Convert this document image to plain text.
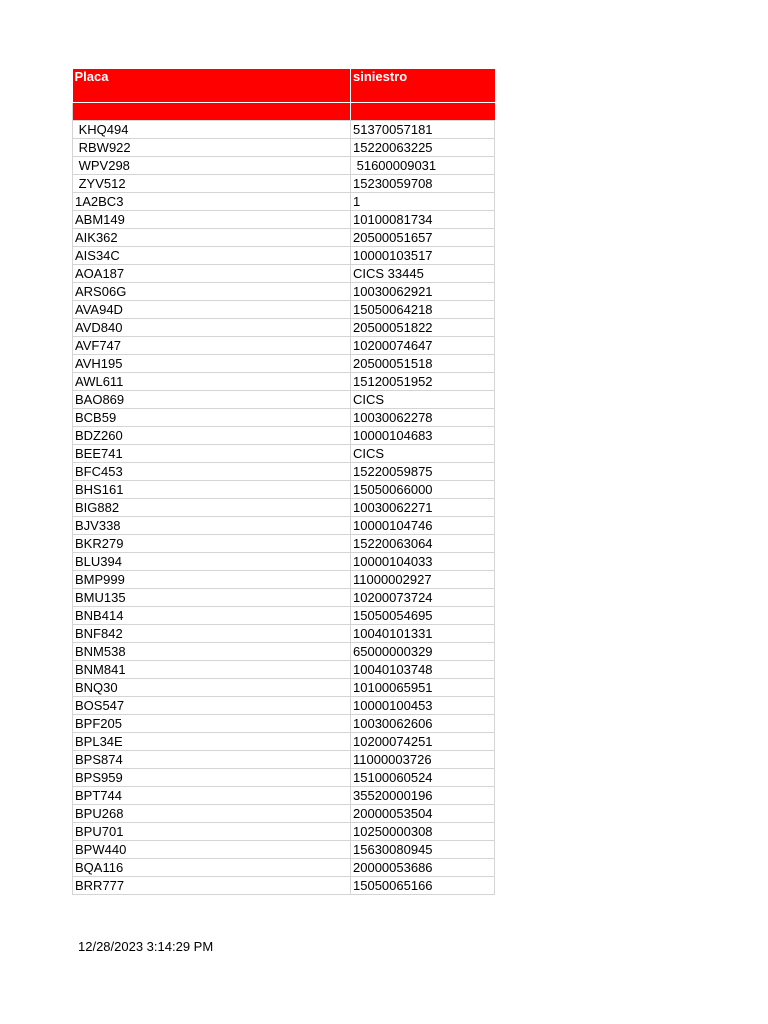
Placa	siniestro

KHQ494	51370057181
RBW922	15220063225
WPV298	51600009031
ZYV512	15230059708
1A2BC3	1
ABM149	10100081734
AIK362	20500051657
AIS34C	10000103517
AOA187	CICS 33445
ARS06G	10030062921
AVA94D	15050064218
AVD840	20500051822
AVF747	10200074647
AVH195	20500051518
AWL611	15120051952
BAO869	CICS
BCB59	10030062278
BDZ260	10000104683
BEE741	CICS
BFC453	15220059875
BHS161	15050066000
BIG882	10030062271
BJV338	10000104746
BKR279	15220063064
BLU394	10000104033
BMP999	11000002927
BMU135	10200073724
BNB414	15050054695
BNF842	10040101331
BNM538	65000000329
BNM841	10040103748
BNQ30	10100065951
BOS547	10000100453
BPF205	10030062606
BPL34E	10200074251
BPS874	11000003726
BPS959	15100060524
BPT744	35520000196
BPU268	20000053504
BPU701	10250000308
BPW440	15630080945
BQA116	20000053686
BRR777	15050065166
12/28/2023 3:14:29 PM
